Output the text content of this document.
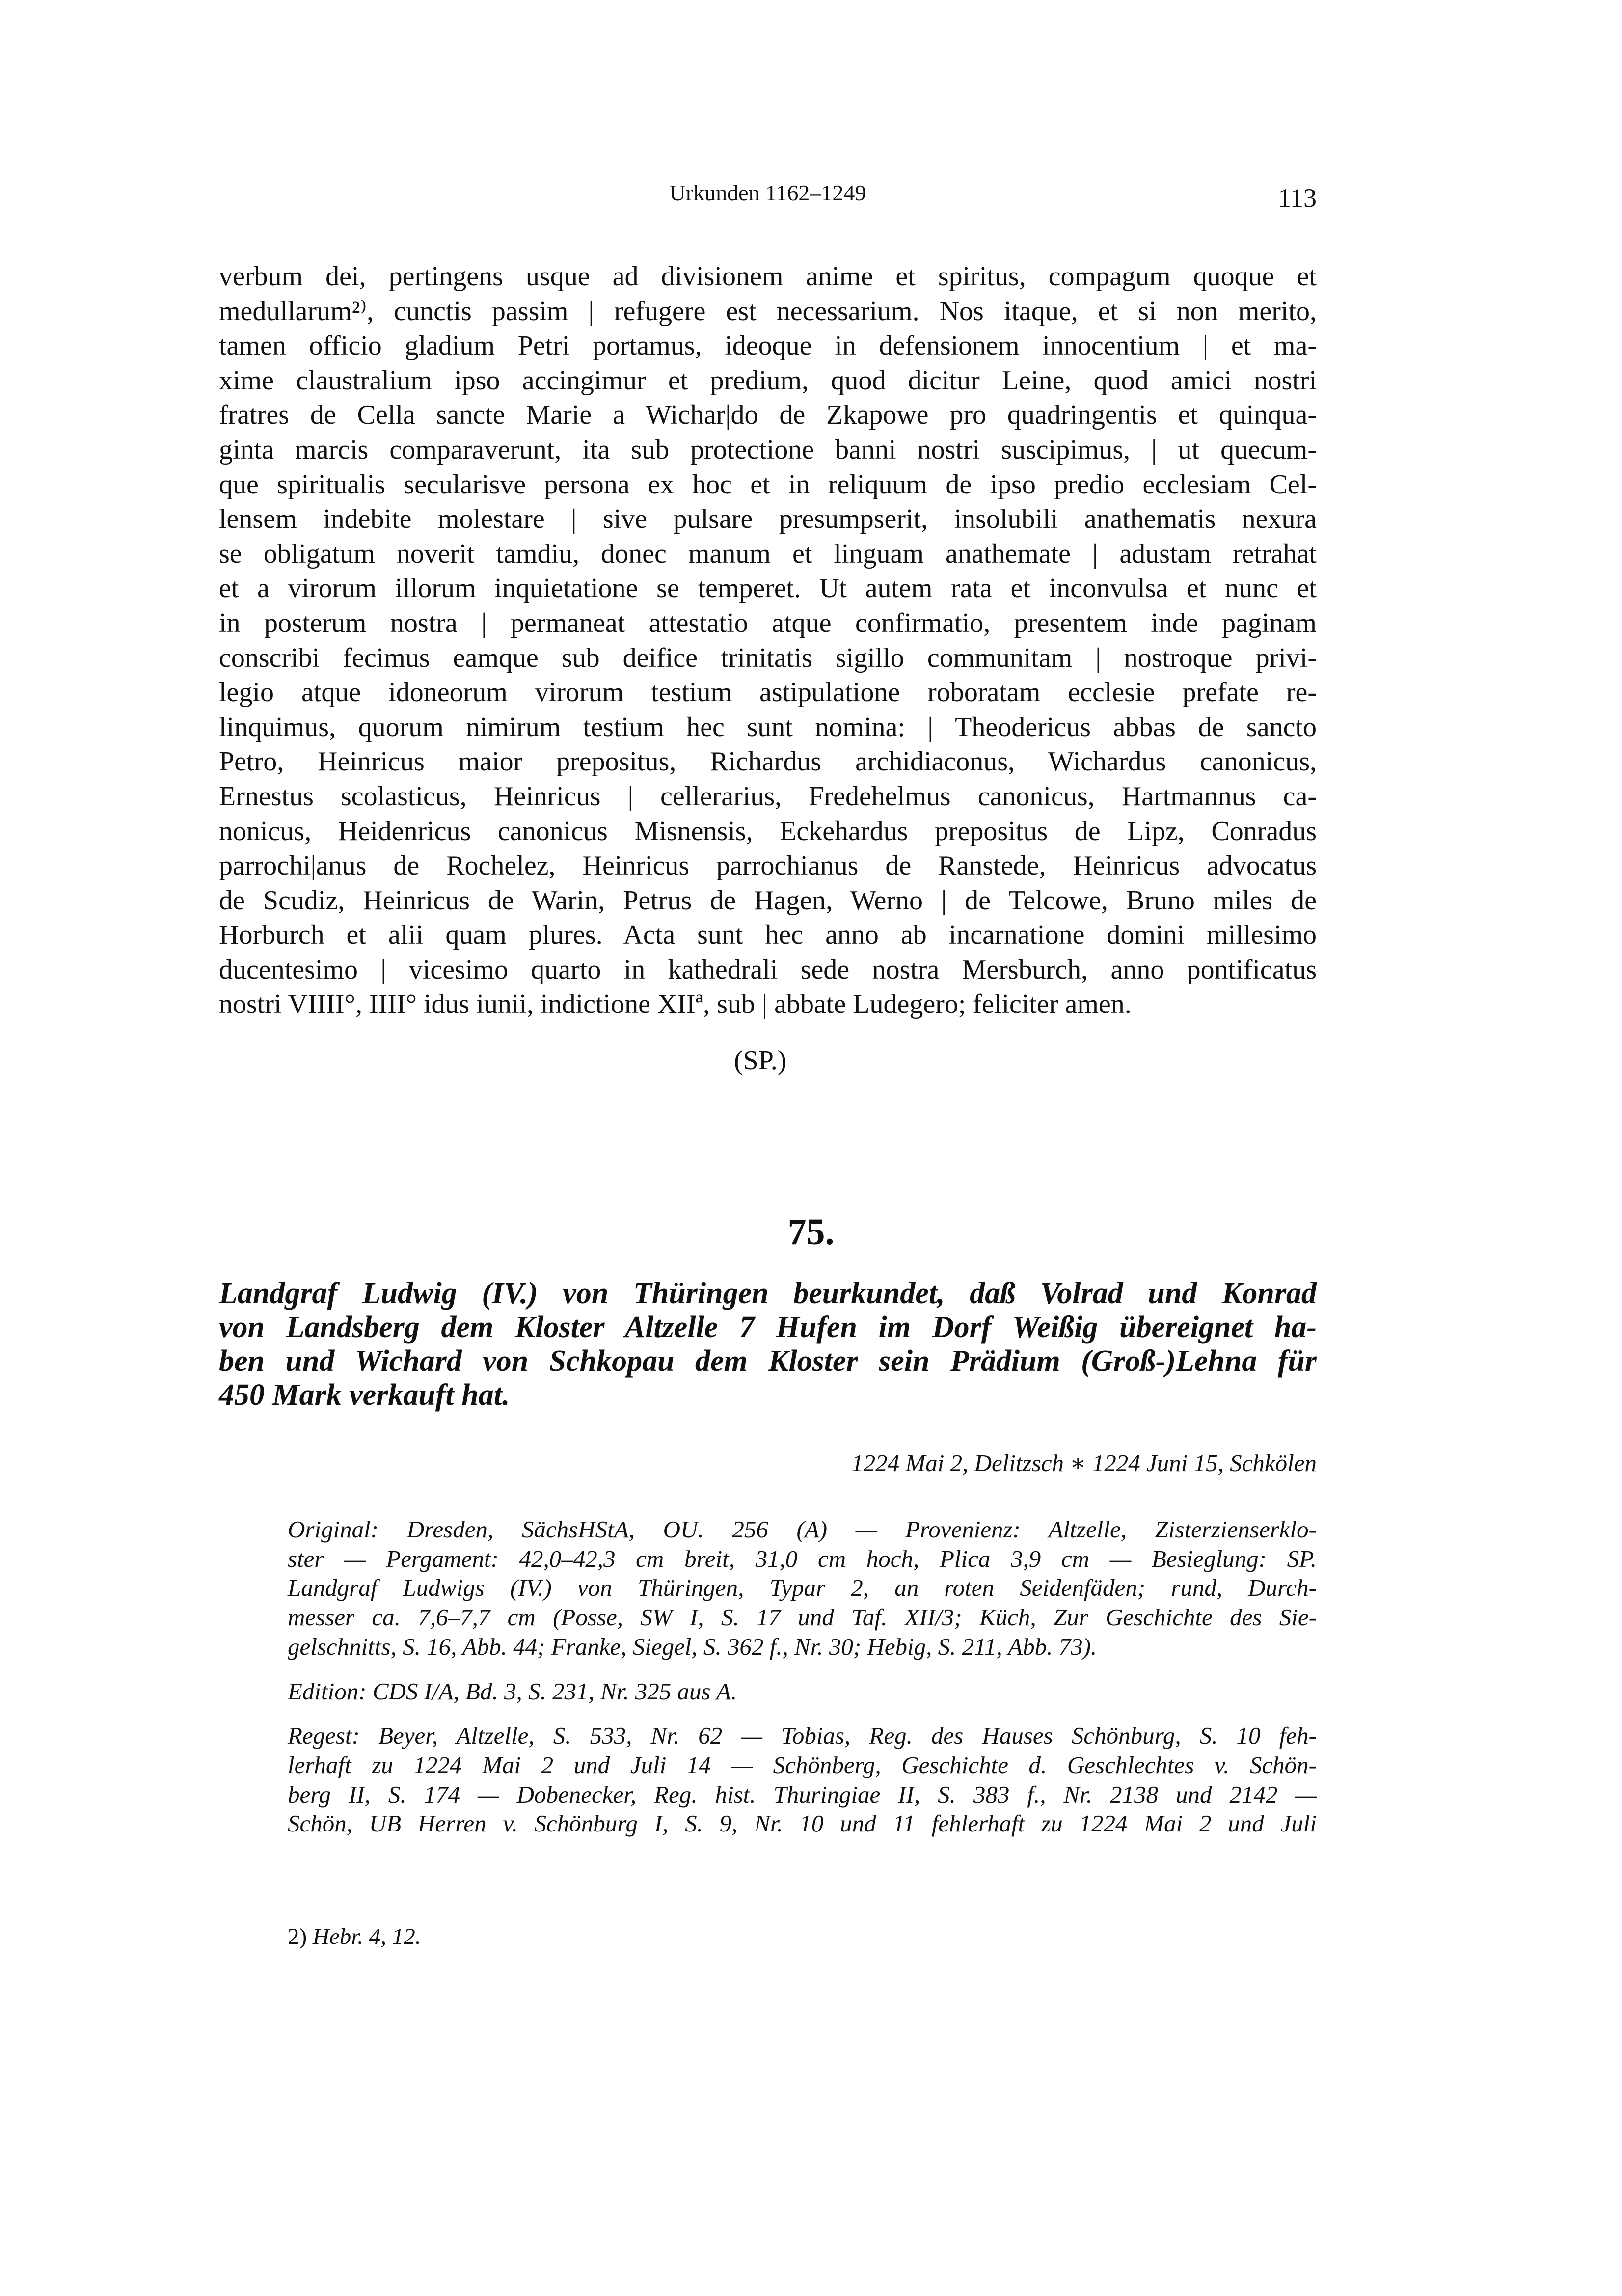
Urkunden 1162–1249	113

verbum dei, pertingens usque ad divisionem anime et spiritus, compagum quoque et
medullarum²⁾, cunctis passim | refugere est necessarium. Nos itaque, et si non merito,
tamen officio gladium Petri portamus, ideoque in defensionem innocentium | et ma-
xime claustralium ipso accingimur et predium, quod dicitur Leine, quod amici nostri
fratres de Cella sancte Marie a Wichar|do de Zkapowe pro quadringentis et quinqua-
ginta marcis comparaverunt, ita sub protectione banni nostri suscipimus, | ut quecum-
que spiritualis secularisve persona ex hoc et in reliquum de ipso predio ecclesiam Cel-
lensem indebite molestare | sive pulsare presumpserit, insolubili anathematis nexura
se obligatum noverit tamdiu, donec manum et linguam anathemate | adustam retrahat
et a virorum illorum inquietatione se temperet. Ut autem rata et inconvulsa et nunc et
in posterum nostra | permaneat attestatio atque confirmatio, presentem inde paginam
conscribi fecimus eamque sub deifice trinitatis sigillo communitam | nostroque privi-
legio atque idoneorum virorum testium astipulatione roboratam ecclesie prefate re-
linquimus, quorum nimirum testium hec sunt nomina: | Theodericus abbas de sancto
Petro, Heinricus maior prepositus, Richardus archidiaconus, Wichardus canonicus,
Ernestus scolasticus, Heinricus | cellerarius, Fredehelmus canonicus, Hartmannus ca-
nonicus, Heidenricus canonicus Misnensis, Eckehardus prepositus de Lipz, Conradus
parrochi|anus de Rochelez, Heinricus parrochianus de Ranstede, Heinricus advocatus
de Scudiz, Heinricus de Warin, Petrus de Hagen, Werno | de Telcowe, Bruno miles de
Horburch et alii quam plures. Acta sunt hec anno ab incarnatione domini millesimo
ducentesimo | vicesimo quarto in kathedrali sede nostra Mersburch, anno pontificatus
nostri VIIII°, IIII° idus iunii, indictione XIIª, sub | abbate Ludegero; feliciter amen.

(SP.)
75.

Landgraf Ludwig (IV.) von Thüringen beurkundet, daß Volrad und Konrad
von Landsberg dem Kloster Altzelle 7 Hufen im Dorf Weißig übereignet ha-
ben und Wichard von Schkopau dem Kloster sein Prädium (Groß-)Lehna für
450 Mark verkauft hat.

1224 Mai 2, Delitzsch ∗ 1224 Juni 15, Schkölen
Original: Dresden, SächsHStA, OU. 256 (A) — Provenienz: Altzelle, Zisterzienserklo-
ster — Pergament: 42,0–42,3 cm breit, 31,0 cm hoch, Plica 3,9 cm — Besieglung: SP.
Landgraf Ludwigs (IV.) von Thüringen, Typar 2, an roten Seidenfäden; rund, Durch-
messer ca. 7,6–7,7 cm (Posse, SW I, S. 17 und Taf. XII/3; Küch, Zur Geschichte des Sie-
gelschnitts, S. 16, Abb. 44; Franke, Siegel, S. 362 f., Nr. 30; Hebig, S. 211, Abb. 73).
Edition: CDS I/A, Bd. 3, S. 231, Nr. 325 aus A.
Regest: Beyer, Altzelle, S. 533, Nr. 62 — Tobias, Reg. des Hauses Schönburg, S. 10 feh-
lerhaft zu 1224 Mai 2 und Juli 14 — Schönberg, Geschichte d. Geschlechtes v. Schön-
berg II, S. 174 — Dobenecker, Reg. hist. Thuringiae II, S. 383 f., Nr. 2138 und 2142 —
Schön, UB Herren v. Schönburg I, S. 9, Nr. 10 und 11 fehlerhaft zu 1224 Mai 2 und Juli
2) Hebr. 4, 12.
